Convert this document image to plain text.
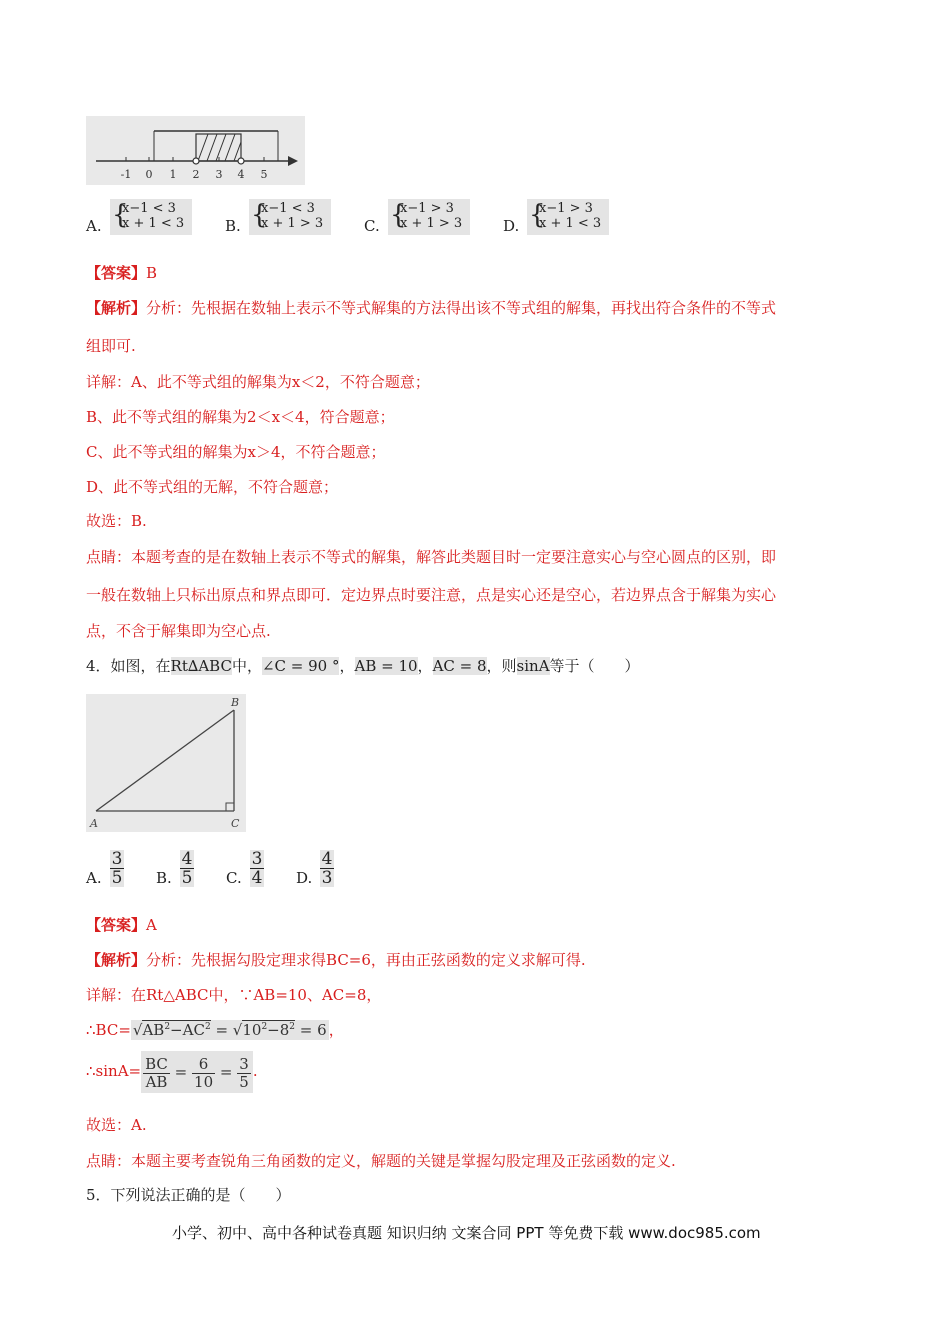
-1 0 1 2 3 4 5
A. {
x−1 < 3
x + 1 < 3	B. {
x−1 < 3
x + 1 > 3	C. {
x−1 > 3
x + 1 > 3	D. {
x−1 > 3
x + 1 < 3
【答案】B
【解析】分析：先根据在数轴上表示不等式解集的方法得出该不等式组的解集，再找出符合条件的不等式
组即可.
详解：A、此不等式组的解集为x＜2，不符合题意；
B、此不等式组的解集为2＜x＜4，符合题意；
C、此不等式组的解集为x＞4，不符合题意；
D、此不等式组的无解，不符合题意；
故选：B.
点睛：本题考查的是在数轴上表示不等式的解集，解答此类题目时一定要注意实心与空心圆点的区别，即
一般在数轴上只标出原点和界点即可．定边界点时要注意，点是实心还是空心，若边界点含于解集为实心
点，不含于解集即为空心点.
4．如图，在Rt∆ABC中，∠C = 90 °，AB = 10，AC = 8，则sinA等于（　　）
B
A	C
A.
3
5 B.
4
5 C.
3
4 D.
4
3
【答案】A
【解析】分析：先根据勾股定理求得BC=6，再由正弦函数的定义求解可得.
详解：在Rt△ABC中，∵AB=10、AC=8，
∴BC= $√AB^2-AC^2 = √10^2-8^2 = 6$ ，
∴sinA= $\frac{BC}{AB} = \frac{6}{10} = \frac{3}{5}$ .
故选：A.
点睛：本题主要考查锐角三角函数的定义，解题的关键是掌握勾股定理及正弦函数的定义.
5．下列说法正确的是（　　）
小学、初中、高中各种试卷真题 知识归纳 文案合同 PPT 等免费下载 www.doc985.com
